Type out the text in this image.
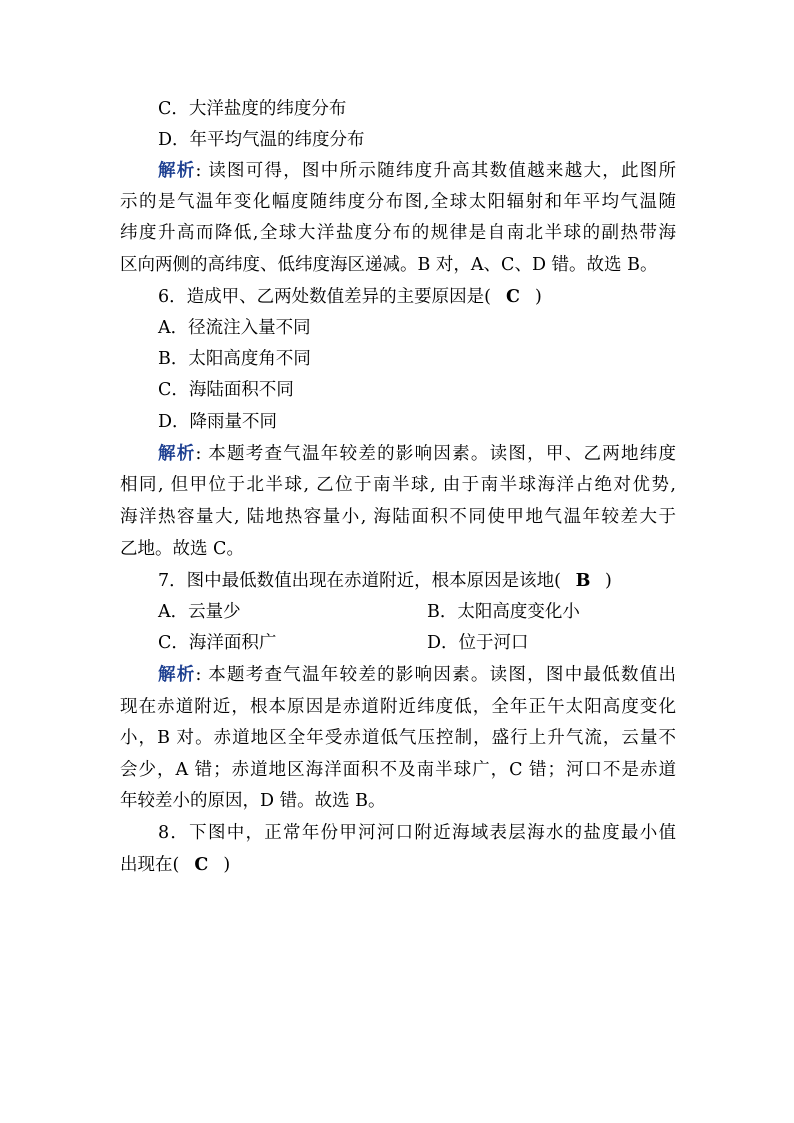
C．大洋盐度的纬度分布
D．年平均气温的纬度分布
解析: 读图可得，图中所示随纬度升高其数值越来越大，此图所
示的是气温年变化幅度随纬度分布图,全球太阳辐射和年平均气温随
纬度升高而降低,全球大洋盐度分布的规律是自南北半球的副热带海
区向两侧的高纬度、低纬度海区递减。B 对，A、C、D 错。故选 B。
6．造成甲、乙两处数值差异的主要原因是( C )
A．径流注入量不同
B．太阳高度角不同
C．海陆面积不同
D．降雨量不同
解析: 本题考查气温年较差的影响因素。读图，甲、乙两地纬度
相同, 但甲位于北半球, 乙位于南半球, 由于南半球海洋占绝对优势,
海洋热容量大, 陆地热容量小, 海陆面积不同使甲地气温年较差大于
乙地。故选 C。
7．图中最低数值出现在赤道附近，根本原因是该地( B )
A．云量少	B．太阳高度变化小
C．海洋面积广	D．位于河口
解析: 本题考查气温年较差的影响因素。读图，图中最低数值出
现在赤道附近，根本原因是赤道附近纬度低，全年正午太阳高度变化
小，B 对。赤道地区全年受赤道低气压控制，盛行上升气流，云量不
会少，A 错；赤道地区海洋面积不及南半球广，C 错；河口不是赤道
年较差小的原因，D 错。故选 B。
8．下图中，正常年份甲河河口附近海域表层海水的盐度最小值
出现在( C )
